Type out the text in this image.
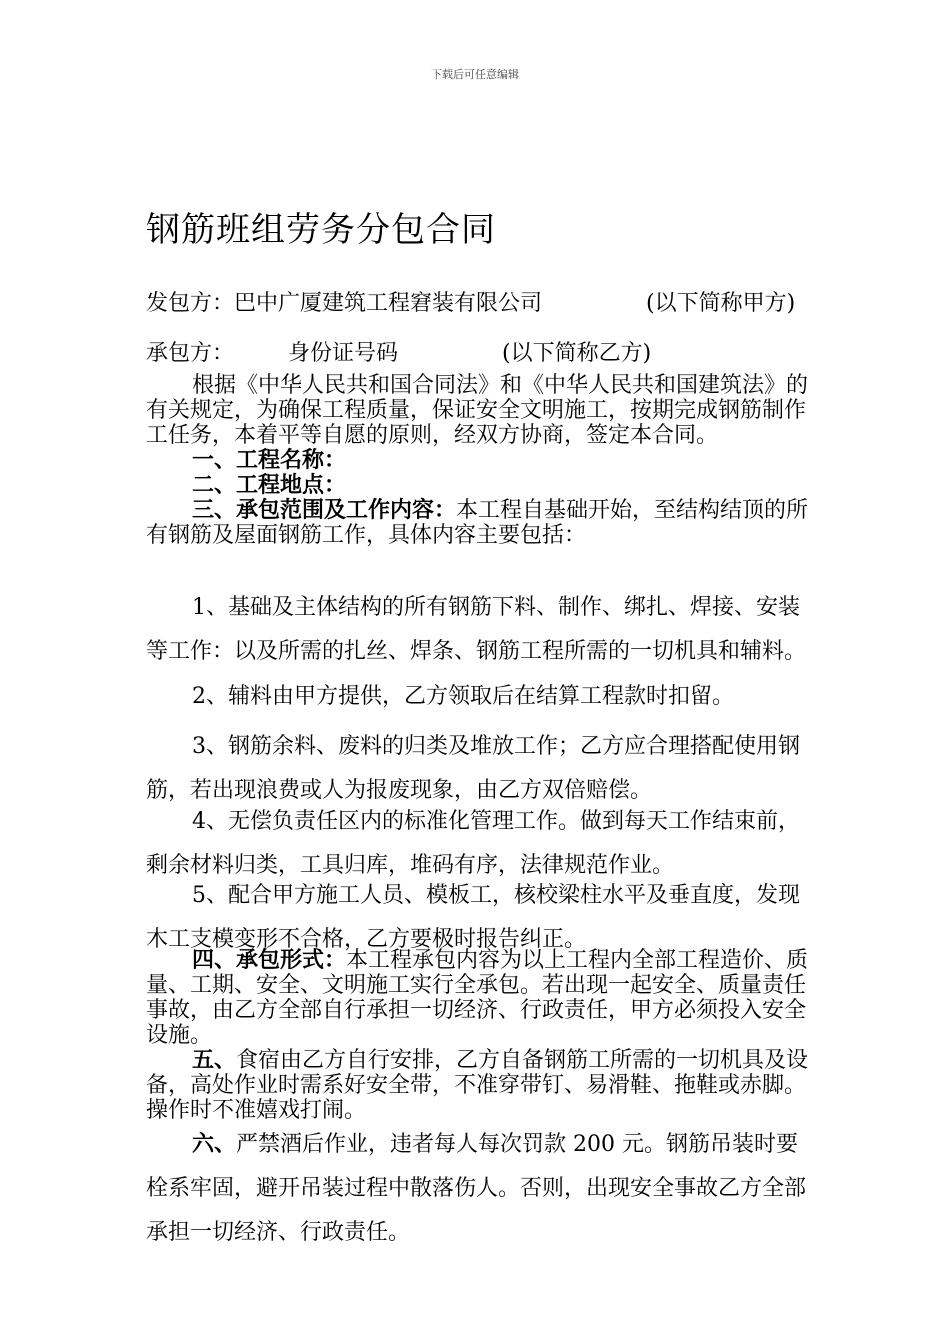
下载后可任意编辑
钢筋班组劳务分包合同
发包方：巴中广厦建筑工程窘装有限公司	(以下简称甲方)
承包方： 身份证号码	(以下简称乙方)

根据《中华人民共和国合同法》和《中华人民共和国建筑法》的有关规定，为确保工程质量，保证安全文明施工，按期完成钢筋制作工任务，本着平等自愿的原则，经双方协商，签定本合同。

一、工程名称：

二、工程地点：

三、承包范围及工作内容：本工程自基础开始，至结构结顶的所有钢筋及屋面钢筋工作，具体内容主要包括：

1、基础及主体结构的所有钢筋下料、制作、绑扎、焊接、安装等工作：以及所需的扎丝、焊条、钢筋工程所需的一切机具和辅料。

2、辅料由甲方提供，乙方领取后在结算工程款时扣留。

3、钢筋余料、废料的归类及堆放工作；乙方应合理搭配使用钢筋，若出现浪费或人为报废现象，由乙方双倍赔偿。

4、无偿负责任区内的标准化管理工作。做到每天工作结束前，剩余材料归类，工具归库，堆码有序，法律规范作业。

5、配合甲方施工人员、模板工，核校梁柱水平及垂直度，发现木工支模变形不合格，乙方要极时报告纠正。

四、承包形式：本工程承包内容为以上工程内全部工程造价、质量、工期、安全、文明施工实行全承包。若出现一起安全、质量责任事故，由乙方全部自行承担一切经济、行政责任，甲方必须投入安全设施。

五、食宿由乙方自行安排，乙方自备钢筋工所需的一切机具及设备，高处作业时需系好安全带，不准穿带钉、易滑鞋、拖鞋或赤脚。操作时不准嬉戏打闹。

六、严禁酒后作业，违者每人每次罚款 200 元。钢筋吊装时要栓系牢固，避开吊装过程中散落伤人。否则，出现安全事故乙方全部承担一切经济、行政责任。
